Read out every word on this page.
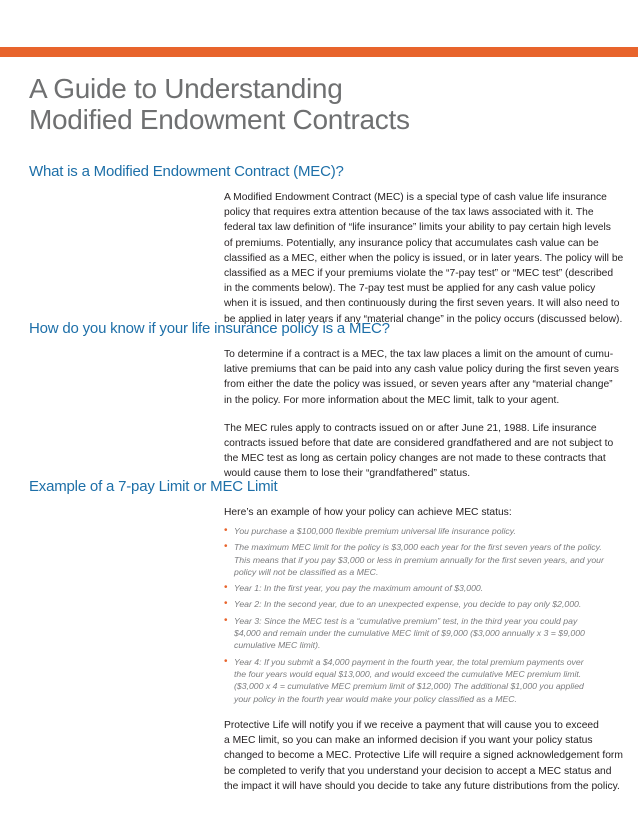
A Guide to Understanding
Modified Endowment Contracts
What is a Modified Endowment Contract (MEC)?

A Modified Endowment Contract (MEC) is a special type of cash value life insurance
policy that requires extra attention because of the tax laws associated with it. The
federal tax law definition of “life insurance” limits your ability to pay certain high levels
of premiums. Potentially, any insurance policy that accumulates cash value can be
classified as a MEC, either when the policy is issued, or in later years. The policy will be
classified as a MEC if your premiums violate the “7-pay test” or “MEC test” (described
in the comments below). The 7-pay test must be applied for any cash value policy
when it is issued, and then continuously during the first seven years. It will also need to
be applied in later years if any “material change” in the policy occurs (discussed below).

How do you know if your life insurance policy is a MEC?

To determine if a contract is a MEC, the tax law places a limit on the amount of cumu-
lative premiums that can be paid into any cash value policy during the first seven years
from either the date the policy was issued, or seven years after any “material change”
in the policy. For more information about the MEC limit, talk to your agent.

The MEC rules apply to contracts issued on or after June 21, 1988. Life insurance
contracts issued before that date are considered grandfathered and are not subject to
the MEC test as long as certain policy changes are not made to these contracts that
would cause them to lose their “grandfathered” status.

Example of a 7-pay Limit or MEC Limit

Here’s an example of how your policy can achieve MEC status:

• You purchase a $100,000 flexible premium universal life insurance policy.
• The maximum MEC limit for the policy is $3,000 each year for the first seven years of the policy.
This means that if you pay $3,000 or less in premium annually for the first seven years, and your
policy will not be classified as a MEC.
• Year 1: In the first year, you pay the maximum amount of $3,000.
• Year 2: In the second year, due to an unexpected expense, you decide to pay only $2,000.
• Year 3: Since the MEC test is a “cumulative premium” test, in the third year you could pay
$4,000 and remain under the cumulative MEC limit of $9,000 ($3,000 annually x 3 = $9,000
cumulative MEC limit).
• Year 4: If you submit a $4,000 payment in the fourth year, the total premium payments over
the four years would equal $13,000, and would exceed the cumulative MEC premium limit.
($3,000 x 4 = cumulative MEC premium limit of $12,000) The additional $1,000 you applied
your policy in the fourth year would make your policy classified as a MEC.

Protective Life will notify you if we receive a payment that will cause you to exceed
a MEC limit, so you can make an informed decision if you want your policy status
changed to become a MEC. Protective Life will require a signed acknowledgement form
be completed to verify that you understand your decision to accept a MEC status and
the impact it will have should you decide to take any future distributions from the policy.
